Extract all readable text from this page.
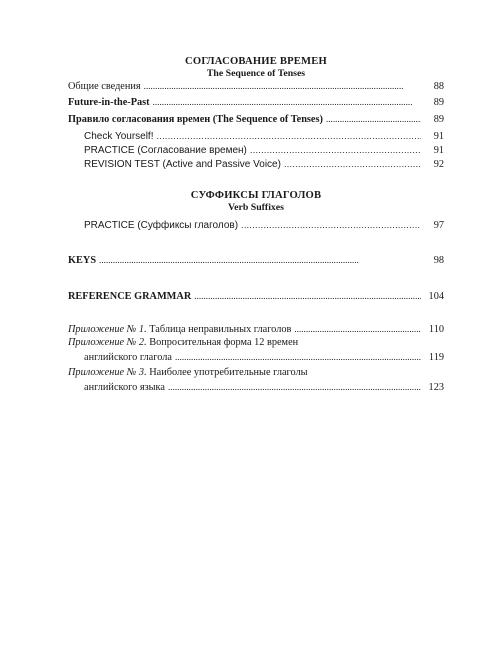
СОГЛАСОВАНИЕ ВРЕМЕН
The Sequence of Tenses
Общие сведения . . .	88
Future-in-the-Past . . .	89
Правило согласования времен (The Sequence of Tenses) . . .	89
Check Yourself! . . .	91
PRACTICE (Согласование времен) . . .	91
REVISION TEST (Active and Passive Voice) . . .	92
СУФФИКСЫ ГЛАГОЛОВ
Verb Suffixes
PRACTICE (Суффиксы глаголов) . . .	97
KEYS . . .	98
REFERENCE GRAMMAR . . .	104
Приложение № 1. Таблица неправильных глаголов . . .	110
Приложение № 2. Вопросительная форма 12 времен
английского глагола . . .	119
Приложение № 3. Наиболее употребительные глаголы
английского языка . . .	123
